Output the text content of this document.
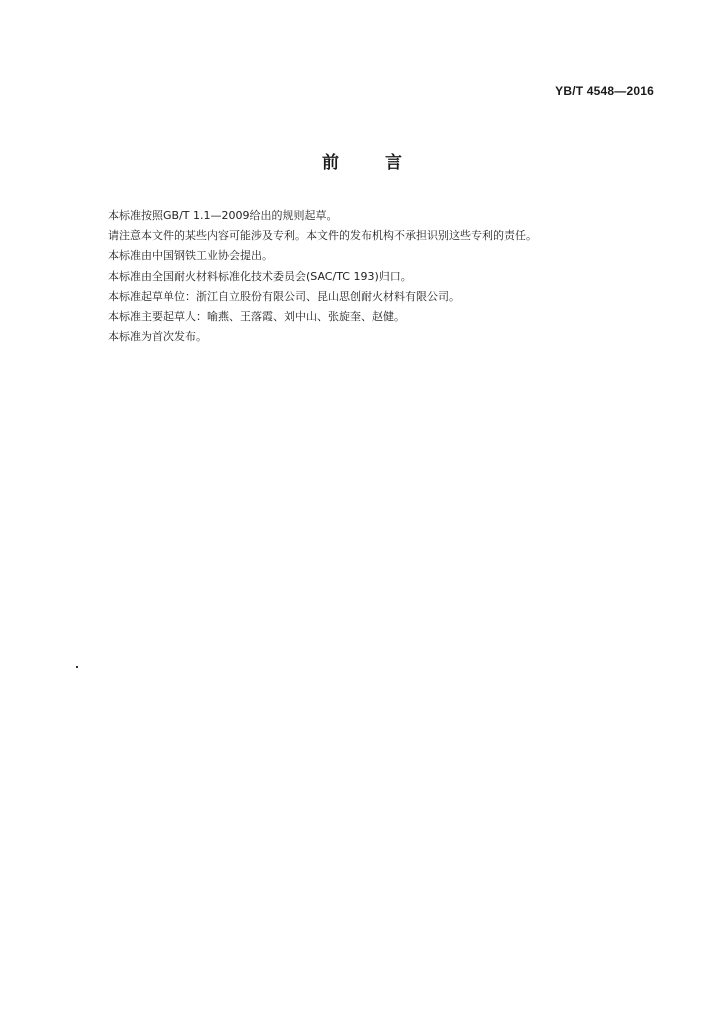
YB/T 4548—2016
前言
本标准按照GB/T 1.1—2009给出的规则起草。
请注意本文件的某些内容可能涉及专利。本文件的发布机构不承担识别这些专利的责任。
本标准由中国钢铁工业协会提出。
本标准由全国耐火材料标准化技术委员会(SAC/TC 193)归口。
本标准起草单位：浙江自立股份有限公司、昆山思创耐火材料有限公司。
本标准主要起草人：喻燕、王落霞、刘中山、张旋奎、赵健。
本标准为首次发布。
